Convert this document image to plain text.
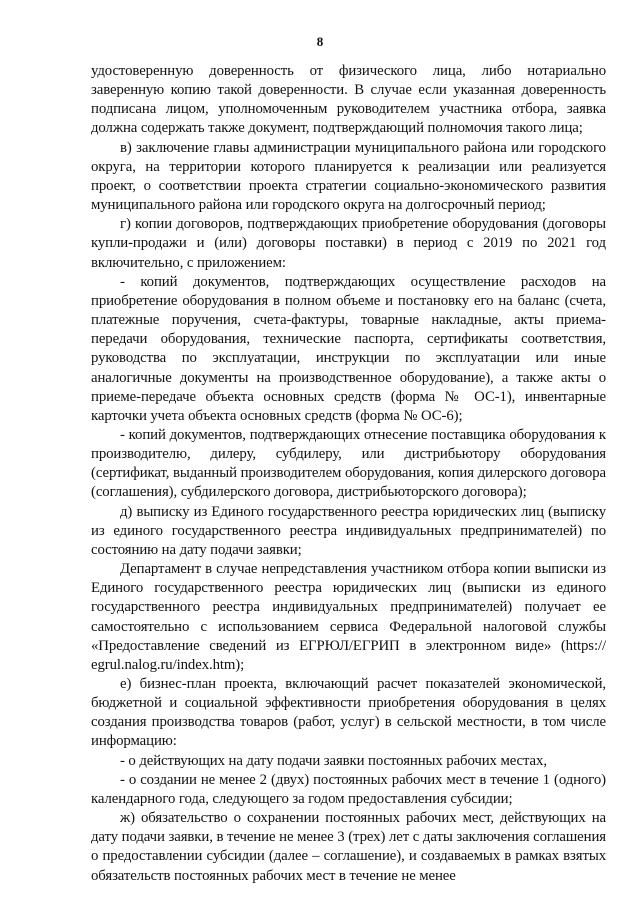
8

удостоверенную доверенность от физического лица, либо нотариально заверенную копию такой доверенности. В случае если указанная доверенность подписана лицом, уполномоченным руководителем участника отбора, заявка должна содержать также документ, подтверждающий полномочия такого лица;

в) заключение главы администрации муниципального района или городского округа, на территории которого планируется к реализации или реализуется проект, о соответствии проекта стратегии социально-экономического развития муниципального района или городского округа на долгосрочный период;

г) копии договоров, подтверждающих приобретение оборудования (договоры купли-продажи и (или) договоры поставки) в период с 2019 по 2021 год включительно, с приложением:

- копий документов, подтверждающих осуществление расходов на приобретение оборудования в полном объеме и постановку его на баланс (счета, платежные поручения, счета-фактуры, товарные накладные, акты приема-передачи оборудования, технические паспорта, сертификаты соответствия, руководства по эксплуатации, инструкции по эксплуатации или иные аналогичные документы на производственное оборудование), а также акты о приеме-передаче объекта основных средств (форма № ОС-1), инвентарные карточки учета объекта основных средств (форма № ОС-6);

- копий документов, подтверждающих отнесение поставщика оборудования к производителю, дилеру, субдилеру, или дистрибьютору оборудования (сертификат, выданный производителем оборудования, копия дилерского договора (соглашения), субдилерского договора, дистрибьюторского договора);

д) выписку из Единого государственного реестра юридических лиц (выписку из единого государственного реестра индивидуальных предпринимателей) по состоянию на дату подачи заявки;

Департамент в случае непредставления участником отбора копии выписки из Единого государственного реестра юридических лиц (выписки из единого государственного реестра индивидуальных предпринимателей) получает ее самостоятельно с использованием сервиса Федеральной налоговой службы «Предоставление сведений из ЕГРЮЛ/ЕГРИП в электронном виде» (https:// egrul.nalog.ru/index.htm);

е) бизнес-план проекта, включающий расчет показателей экономической, бюджетной и социальной эффективности приобретения оборудования в целях создания производства товаров (работ, услуг) в сельской местности, в том числе информацию:

- о действующих на дату подачи заявки постоянных рабочих местах,

- о создании не менее 2 (двух) постоянных рабочих мест в течение 1 (одного) календарного года, следующего за годом предоставления субсидии;

ж) обязательство о сохранении постоянных рабочих мест, действующих на дату подачи заявки, в течение не менее 3 (трех) лет с даты заключения соглашения о предоставлении субсидии (далее – соглашение), и создаваемых в рамках взятых обязательств постоянных рабочих мест в течение не менее
